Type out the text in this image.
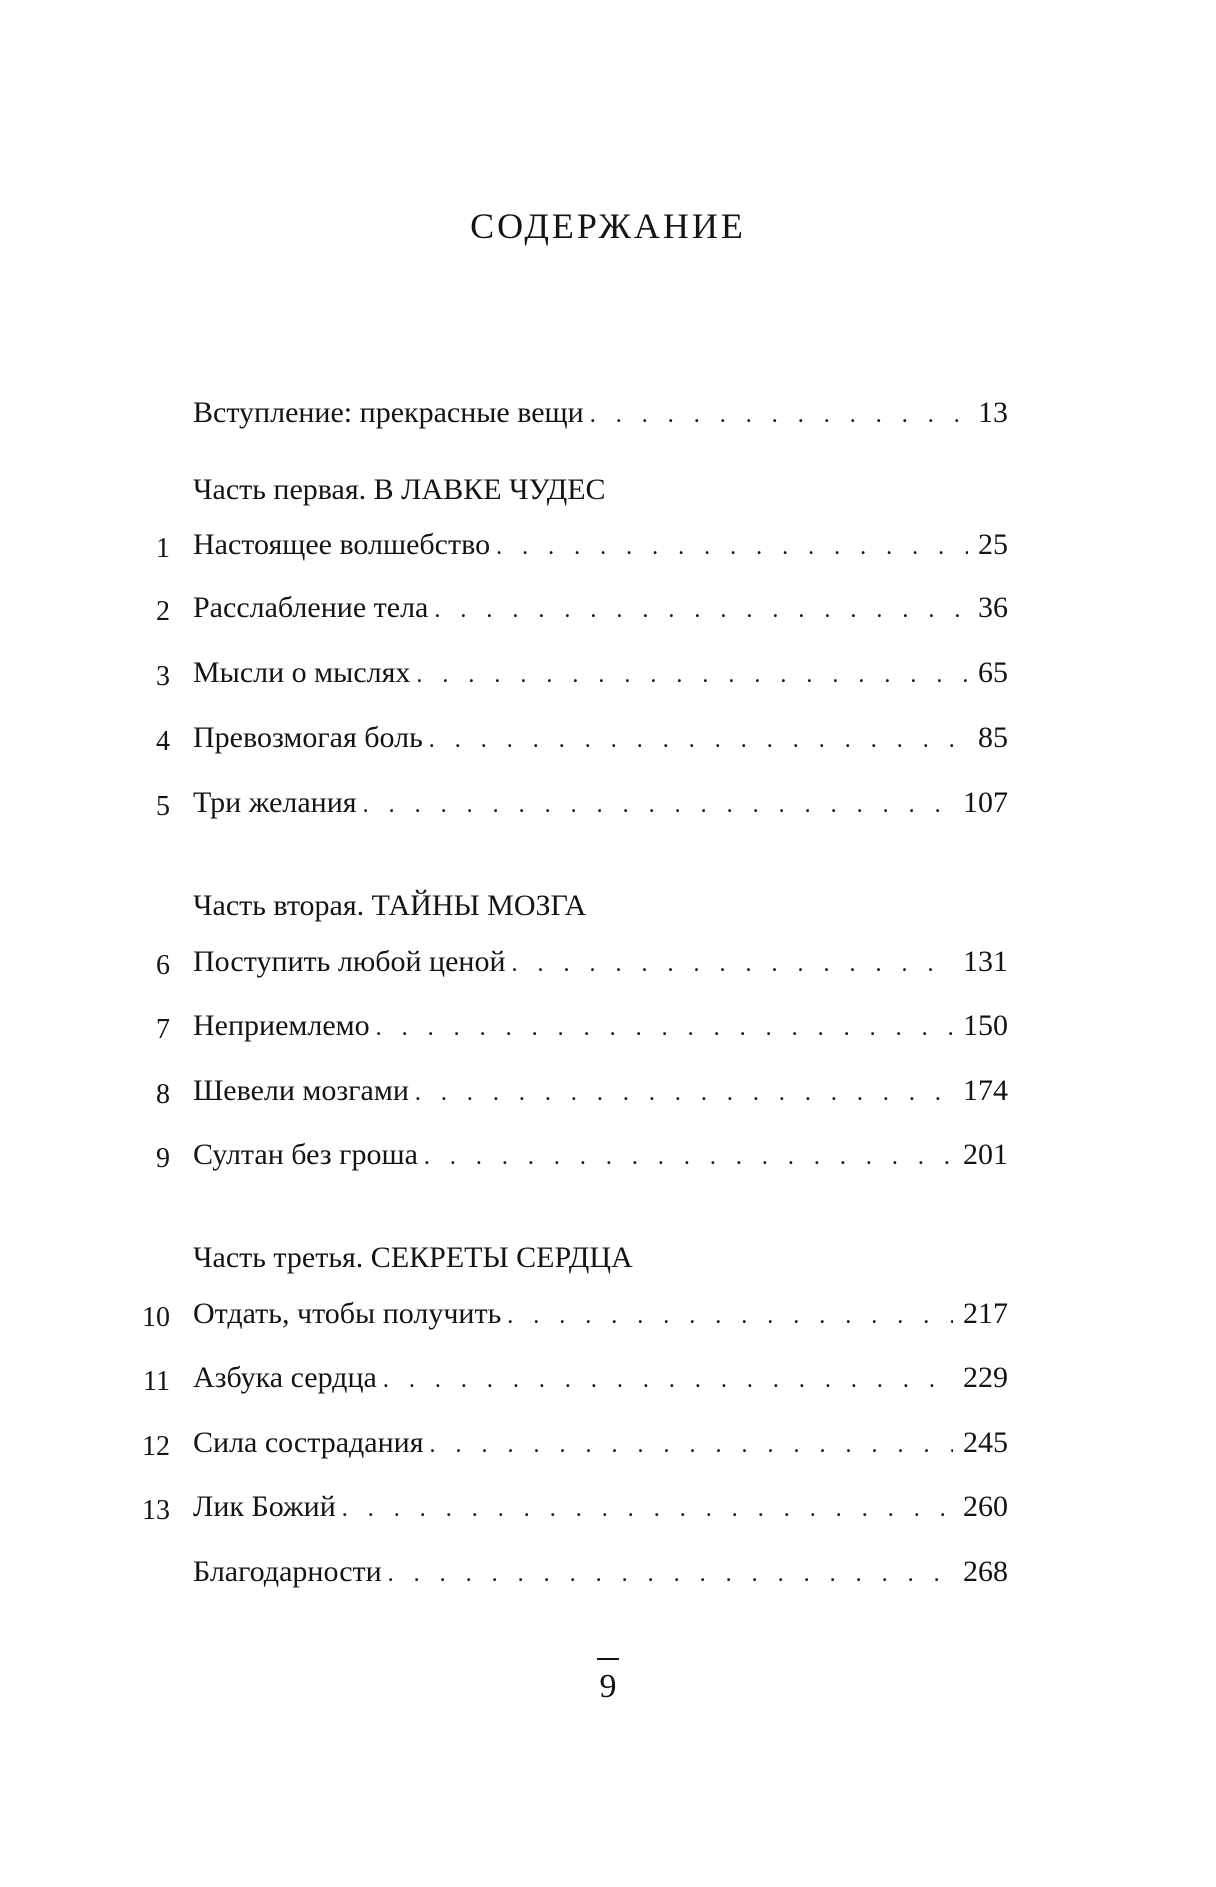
СОДЕРЖАНИЕ
Вступление: прекрасные вещи . . .	13
Часть первая. В ЛАВКЕ ЧУДЕС
1 Настоящее волшебство . . .	25
2 Расслабление тела . . .	36
3 Мысли о мыслях . . .	65
4 Превозмогая боль . . .	85
5 Три желания . . .	107
Часть вторая. ТАЙНЫ МОЗГА
6 Поступить любой ценой . . .	131
7 Неприемлемо . . .	150
8 Шевели мозгами . . .	174
9 Султан без гроша . . .	201
Часть третья. СЕКРЕТЫ СЕРДЦА
10 Отдать, чтобы получить . . .	217
11 Азбука сердца . . .	229
12 Сила сострадания . . .	245
13 Лик Божий . . .	260
Благодарности . . .	268
9
